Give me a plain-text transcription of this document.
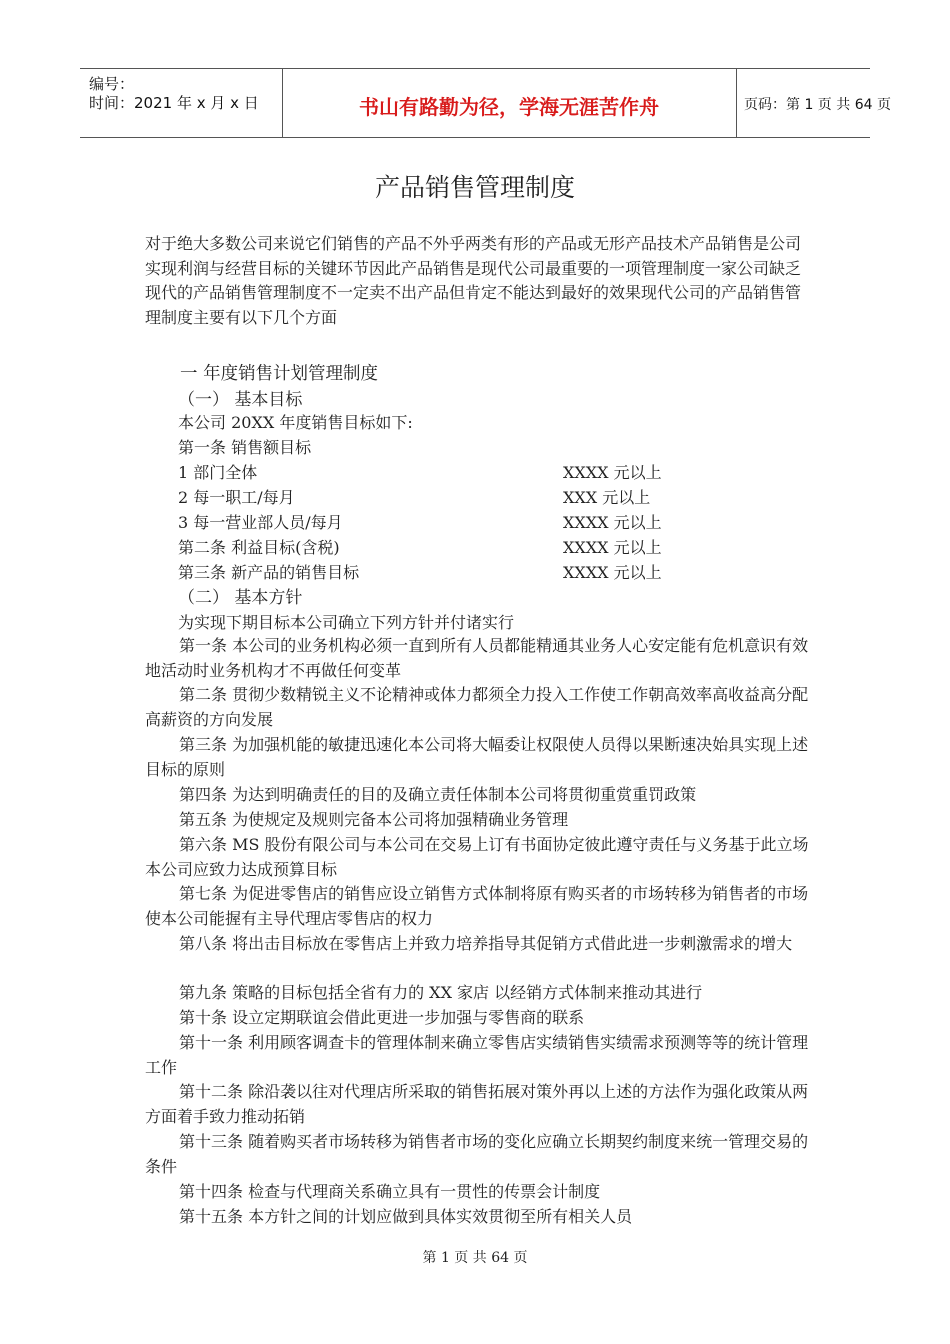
编号：
时间：2021 年 x 月 x 日	书山有路勤为径，学海无涯苦作舟	页码：第 1 页 共 64 页
产品销售管理制度
对于绝大多数公司来说它们销售的产品不外乎两类有形的产品或无形产品技术产品销售是公司实现利润与经营目标的关键环节因此产品销售是现代公司最重要的一项管理制度一家公司缺乏现代的产品销售管理制度不一定卖不出产品但肯定不能达到最好的效果现代公司的产品销售管理制度主要有以下几个方面
一 年度销售计划管理制度
（一） 基本目标
本公司 20XX 年度销售目标如下:
第一条 销售额目标
1 部门全体	XXXX 元以上
2 每一职工/每月	XXX 元以上
3 每一营业部人员/每月	XXXX 元以上
第二条 利益目标(含税)	XXXX 元以上
第三条 新产品的销售目标	XXXX 元以上
（二） 基本方针
为实现下期目标本公司确立下列方针并付诸实行
第一条 本公司的业务机构必须一直到所有人员都能精通其业务人心安定能有危机意识有效地活动时业务机构才不再做任何变革
第二条 贯彻少数精锐主义不论精神或体力都须全力投入工作使工作朝高效率高收益高分配高薪资的方向发展
第三条 为加强机能的敏捷迅速化本公司将大幅委让权限使人员得以果断速决始具实现上述目标的原则
第四条 为达到明确责任的目的及确立责任体制本公司将贯彻重赏重罚政策
第五条 为使规定及规则完备本公司将加强精确业务管理
第六条 MS 股份有限公司与本公司在交易上订有书面协定彼此遵守责任与义务基于此立场本公司应致力达成预算目标
第七条 为促进零售店的销售应设立销售方式体制将原有购买者的市场转移为销售者的市场使本公司能握有主导代理店零售店的权力
第八条 将出击目标放在零售店上并致力培养指导其促销方式借此进一步刺激需求的增大
第九条 策略的目标包括全省有力的 XX 家店 以经销方式体制来推动其进行
第十条 设立定期联谊会借此更进一步加强与零售商的联系
第十一条 利用顾客调查卡的管理体制来确立零售店实绩销售实绩需求预测等等的统计管理工作
第十二条 除沿袭以往对代理店所采取的销售拓展对策外再以上述的方法作为强化政策从两方面着手致力推动拓销
第十三条 随着购买者市场转移为销售者市场的变化应确立长期契约制度来统一管理交易的条件
第十四条 检查与代理商关系确立具有一贯性的传票会计制度
第十五条 本方针之间的计划应做到具体实效贯彻至所有相关人员
第 1 页 共 64 页
